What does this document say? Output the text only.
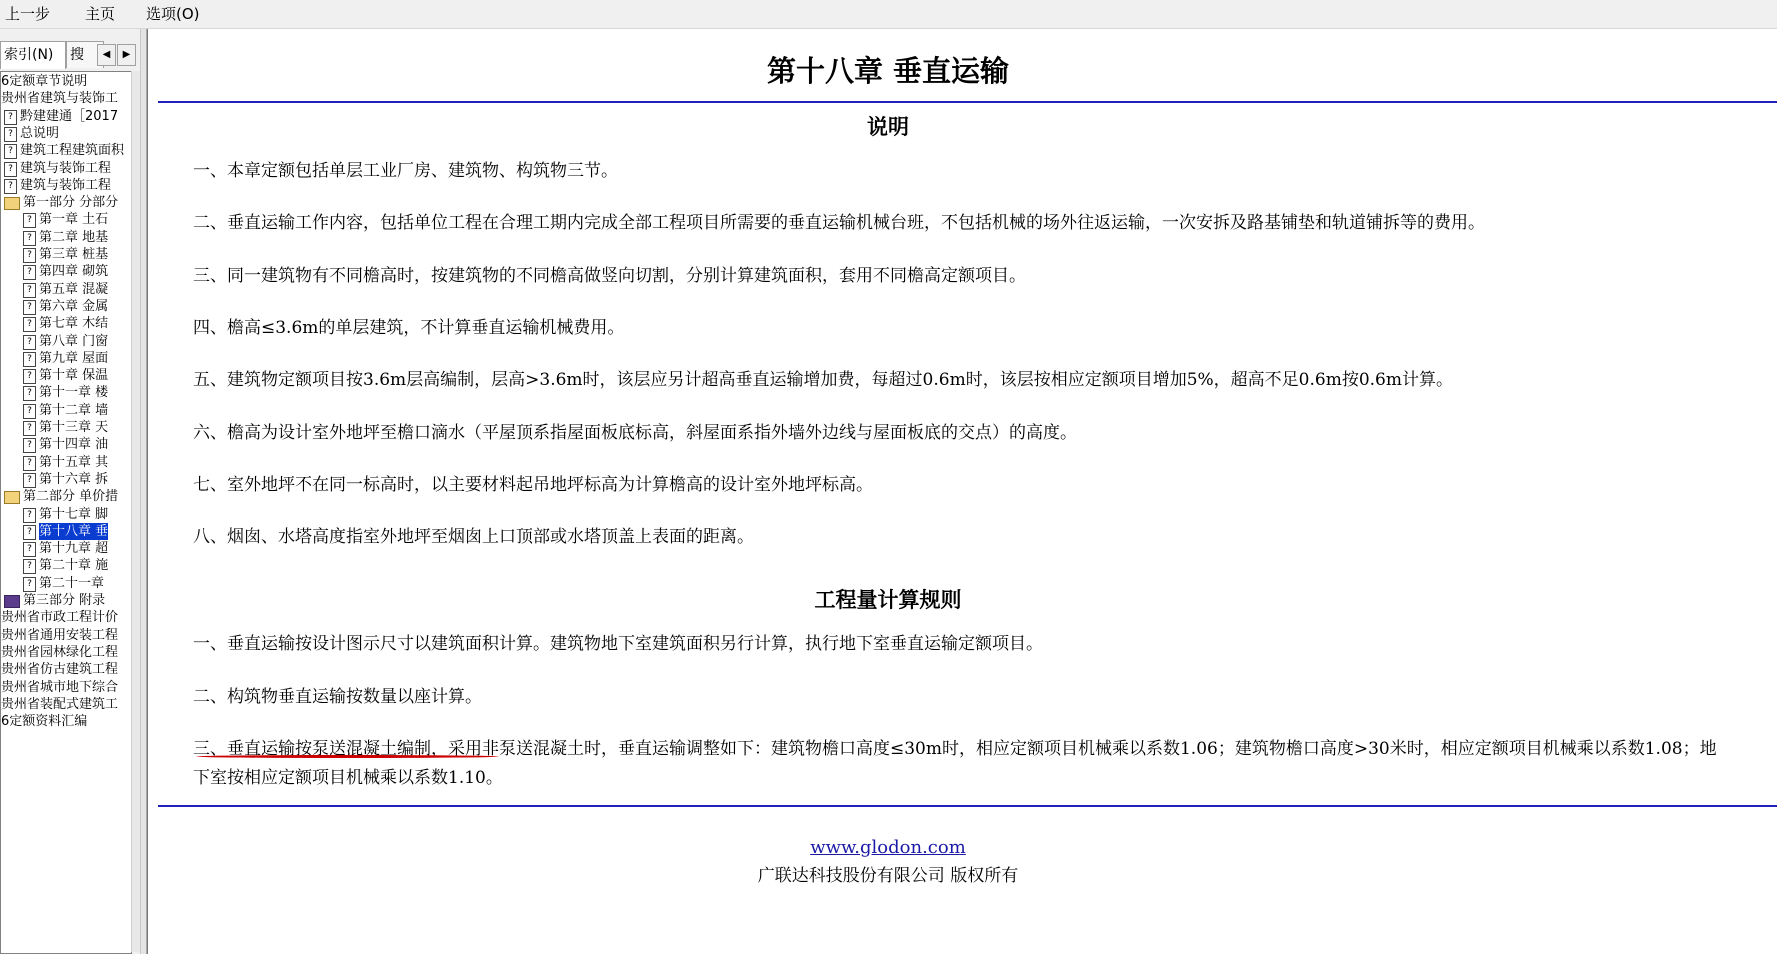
上一步 主页 选项(O)
索引(N)	搜	◀	▶
6定额章节说明
贵州省建筑与装饰工
? 黔建建通［2017
? 总说明
? 建筑工程建筑面积
? 建筑与装饰工程
? 建筑与装饰工程
第一部分 分部分
? 第一章 土石
? 第二章 地基
? 第三章 桩基
? 第四章 砌筑
? 第五章 混凝
? 第六章 金属
? 第七章 木结
? 第八章 门窗
? 第九章 屋面
? 第十章 保温
? 第十一章 楼
? 第十二章 墙
? 第十三章 天
? 第十四章 油
? 第十五章 其
? 第十六章 拆
第二部分 单价措
? 第十七章 脚
? 第十八章 垂
? 第十九章 超
? 第二十章 施
? 第二十一章
第三部分 附录
贵州省市政工程计价
贵州省通用安装工程
贵州省园林绿化工程
贵州省仿古建筑工程
贵州省城市地下综合
贵州省装配式建筑工
6定额资料汇编
第十八章 垂直运输
说明
一、本章定额包括单层工业厂房、建筑物、构筑物三节。
二、垂直运输工作内容，包括单位工程在合理工期内完成全部工程项目所需要的垂直运输机械台班，不包括机械的场外往返运输，一次安拆及路基铺垫和轨道铺拆等的费用。
三、同一建筑物有不同檐高时，按建筑物的不同檐高做竖向切割，分别计算建筑面积，套用不同檐高定额项目。
四、檐高≤3.6m的单层建筑，不计算垂直运输机械费用。
五、建筑物定额项目按3.6m层高编制，层高>3.6m时，该层应另计超高垂直运输增加费，每超过0.6m时，该层按相应定额项目增加5%，超高不足0.6m按0.6m计算。
六、檐高为设计室外地坪至檐口滴水（平屋顶系指屋面板底标高，斜屋面系指外墙外边线与屋面板底的交点）的高度。
七、室外地坪不在同一标高时，以主要材料起吊地坪标高为计算檐高的设计室外地坪标高。
八、烟囱、水塔高度指室外地坪至烟囱上口顶部或水塔顶盖上表面的距离。
工程量计算规则
一、垂直运输按设计图示尺寸以建筑面积计算。建筑物地下室建筑面积另行计算，执行地下室垂直运输定额项目。
二、构筑物垂直运输按数量以座计算。
三、垂直运输按泵送混凝土编制，采用非泵送混凝土时，垂直运输调整如下：建筑物檐口高度≤30m时，相应定额项目机械乘以系数1.06；建筑物檐口高度>30米时，相应定额项目机械乘以系数1.08；地下室按相应定额项目机械乘以系数1.10。
www.glodon.com
广联达科技股份有限公司 版权所有
